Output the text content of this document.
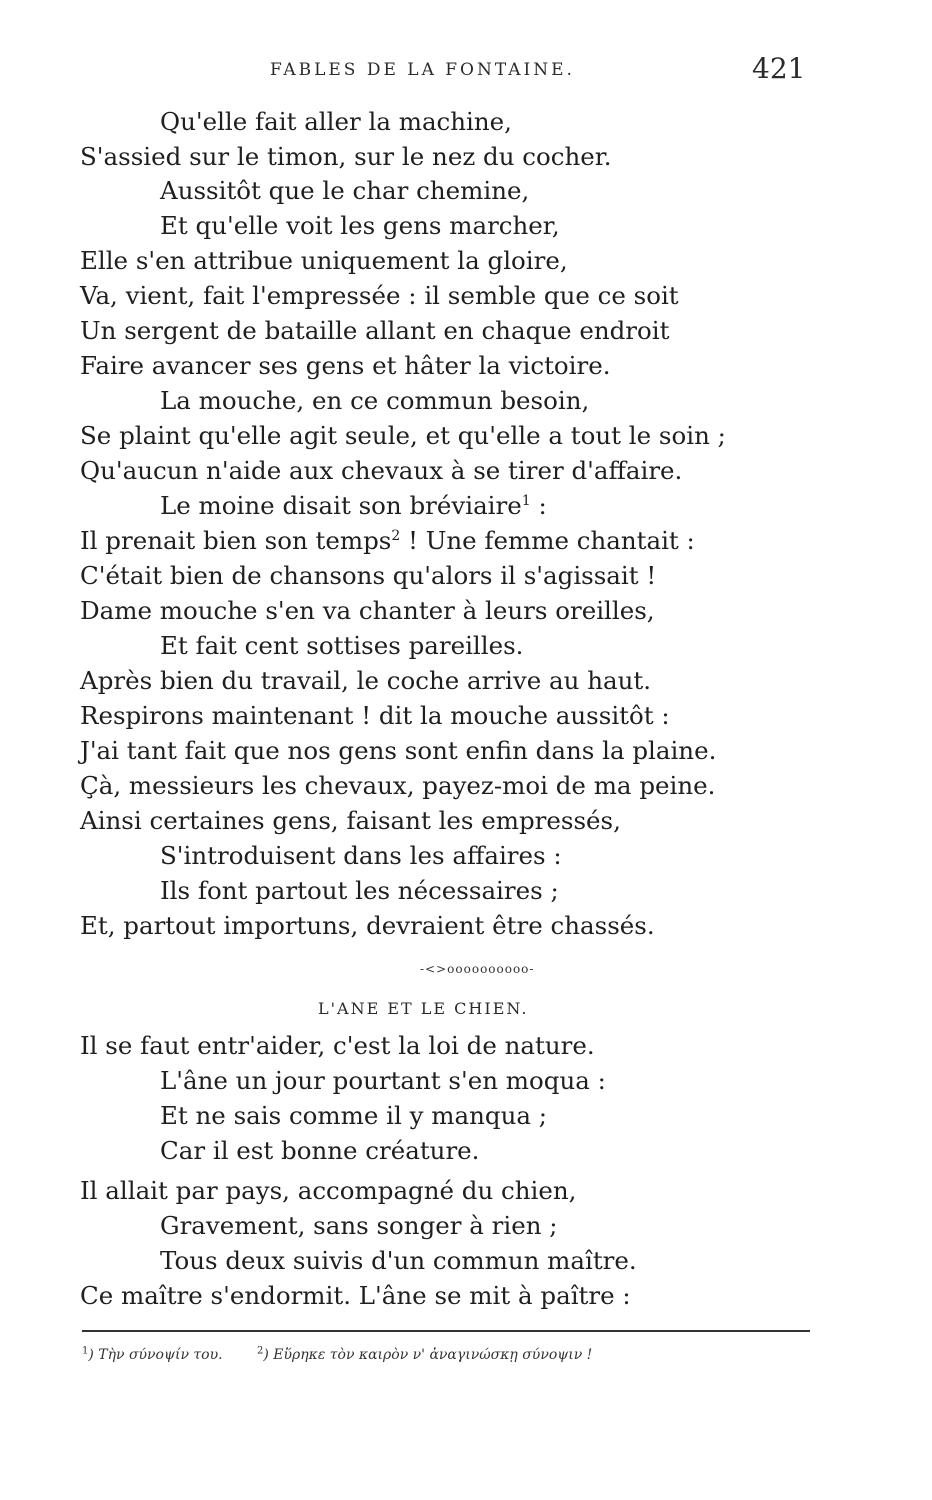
FABLES DE LA FONTAINE.	421
Qu'elle fait aller la machine,
S'assied sur le timon, sur le nez du cocher.
Aussitôt que le char chemine,
Et qu'elle voit les gens marcher,
Elle s'en attribue uniquement la gloire,
Va, vient, fait l'empressée : il semble que ce soit
Un sergent de bataille allant en chaque endroit
Faire avancer ses gens et hâter la victoire.
La mouche, en ce commun besoin,
Se plaint qu'elle agit seule, et qu'elle a tout le soin ;
Qu'aucun n'aide aux chevaux à se tirer d'affaire.
Le moine disait son bréviaire$^1$ :
Il prenait bien son temps$^2$ ! Une femme chantait :
C'était bien de chansons qu'alors il s'agissait !
Dame mouche s'en va chanter à leurs oreilles,
Et fait cent sottises pareilles.
Après bien du travail, le coche arrive au haut.
Respirons maintenant ! dit la mouche aussitôt :
J'ai tant fait que nos gens sont enfin dans la plaine.
Çà, messieurs les chevaux, payez-moi de ma peine.
Ainsi certaines gens, faisant les empressés,
S'introduisent dans les affaires :
Ils font partout les nécessaires ;
Et, partout importuns, devraient être chassés.
-<>oooooooooo-
L'ANE ET LE CHIEN.
Il se faut entr'aider, c'est la loi de nature.
L'âne un jour pourtant s'en moqua :
Et ne sais comme il y manqua ;
Car il est bonne créature.
Il allait par pays, accompagné du chien,
Gravement, sans songer à rien ;
Tous deux suivis d'un commun maître.
Ce maître s'endormit. L'âne se mit à paître :
$^1$) Τὴν σύνοψίν του.	$^2$) Εὕρηκε τὸν καιρὸν ν' ἀναγινώσκῃ σύνοψιν !
